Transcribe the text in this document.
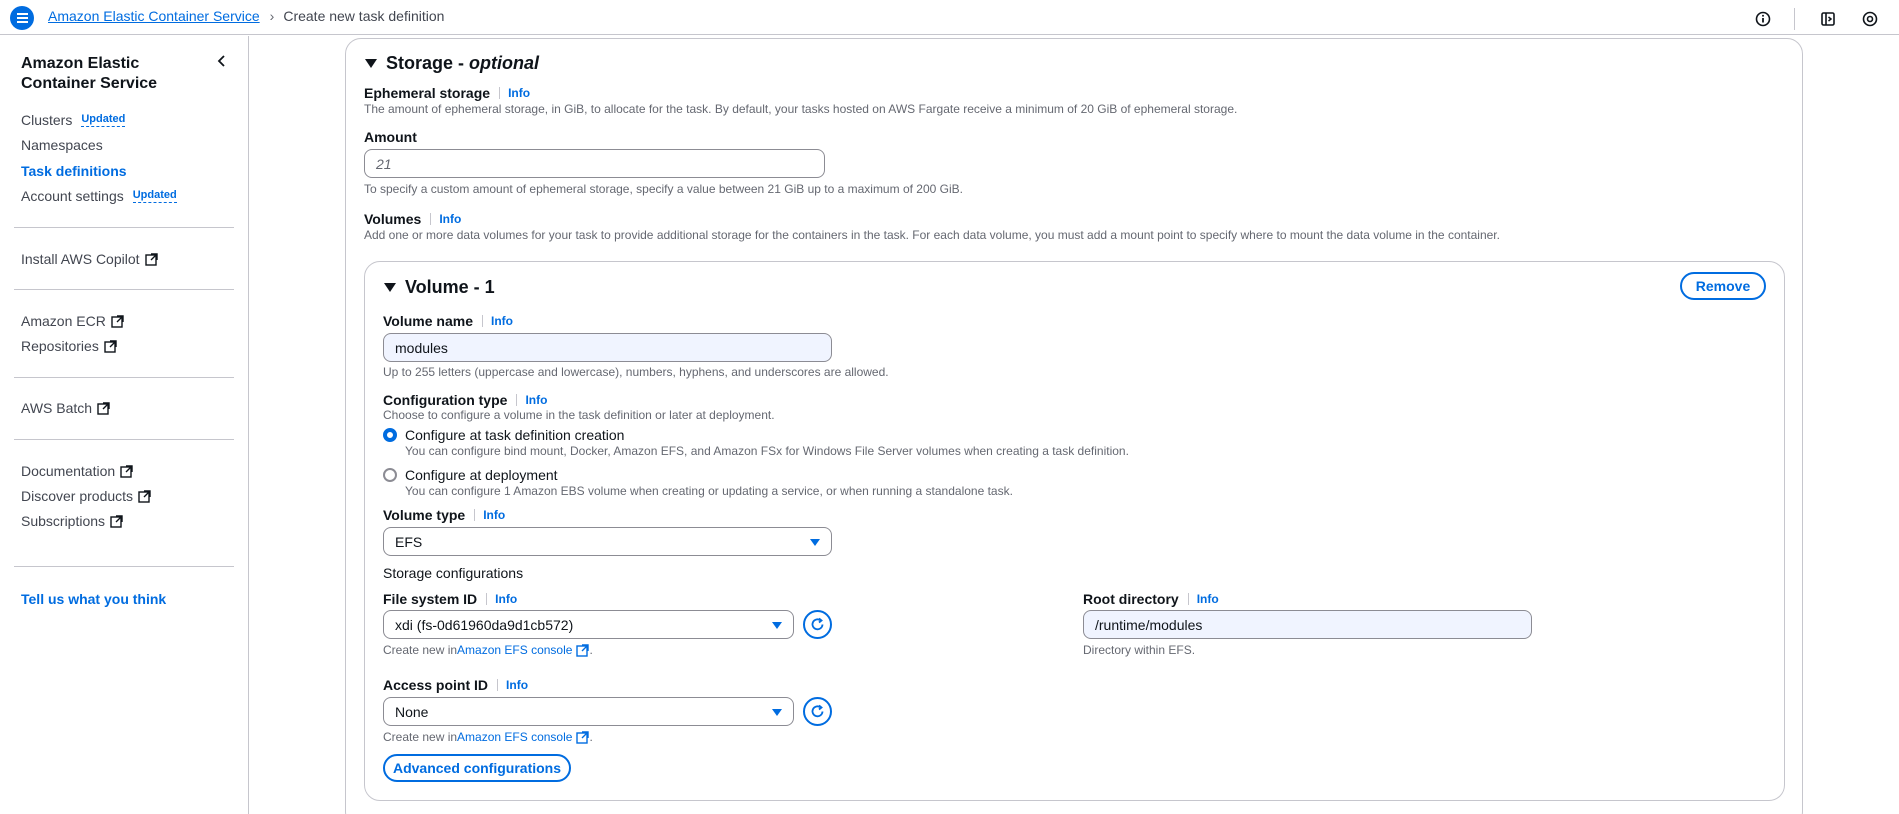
Amazon Elastic Container Service › Create new task definition
Amazon Elastic Container Service
Clusters Updated
Namespaces
Task definitions
Account settings Updated
Install AWS Copilot
Amazon ECR
Repositories
AWS Batch
Documentation
Discover products
Subscriptions
Tell us what you think
Storage - optional
Ephemeral storage	Info
The amount of ephemeral storage, in GiB, to allocate for the task. By default, your tasks hosted on AWS Fargate receive a minimum of 20 GiB of ephemeral storage.
Amount
21
To specify a custom amount of ephemeral storage, specify a value between 21 GiB up to a maximum of 200 GiB.
Volumes	Info
Add one or more data volumes for your task to provide additional storage for the containers in the task. For each data volume, you must add a mount point to specify where to mount the data volume in the container.
Volume - 1	Remove
Volume name	Info
modules
Up to 255 letters (uppercase and lowercase), numbers, hyphens, and underscores are allowed.
Configuration type	Info
Choose to configure a volume in the task definition or later at deployment.
Configure at task definition creation
You can configure bind mount, Docker, Amazon EFS, and Amazon FSx for Windows File Server volumes when creating a task definition.
Configure at deployment
You can configure 1 Amazon EBS volume when creating or updating a service, or when running a standalone task.
Volume type	Info
EFS
Storage configurations
File system ID	Info
xdi (fs-0d61960da9d1cb572)
Create new in Amazon EFS console .
Root directory	Info
/runtime/modules
Directory within EFS.
Access point ID	Info
None
Create new in Amazon EFS console .
Advanced configurations
